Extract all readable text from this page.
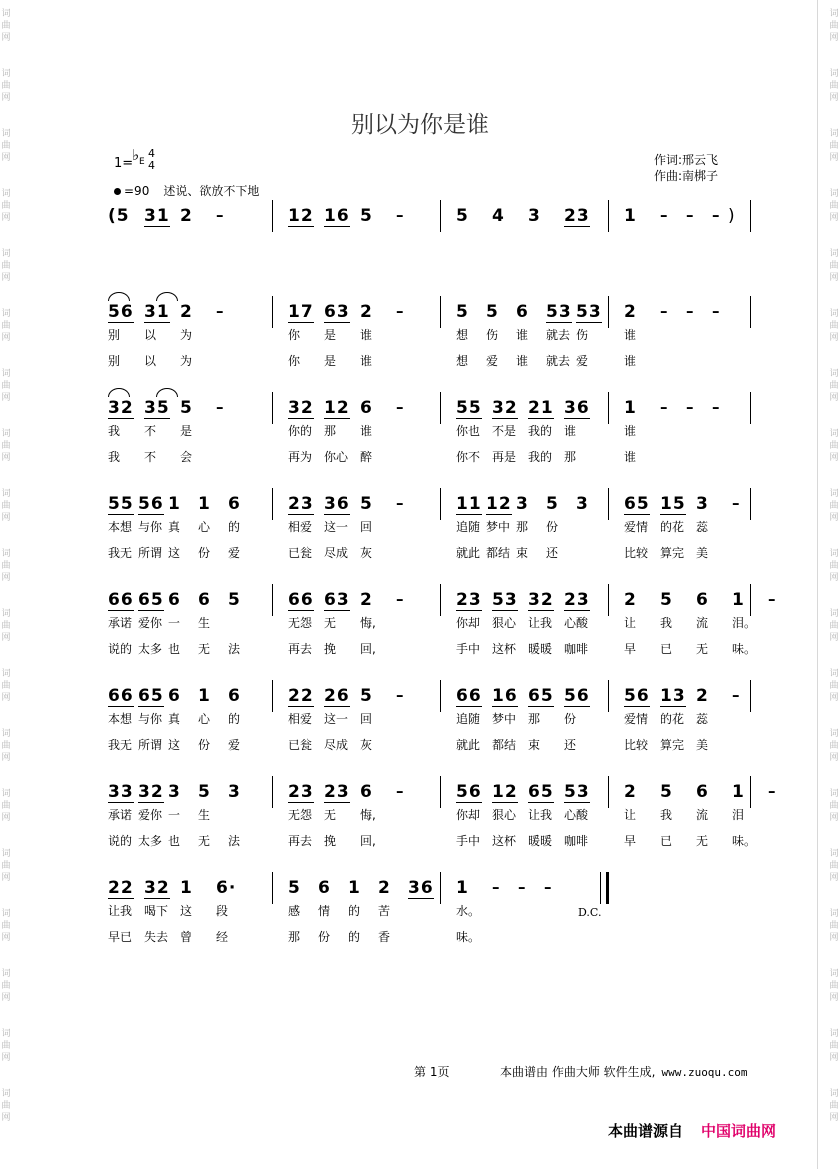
词
曲
网
词
曲
网
词
曲
网
词
曲
网
词
曲
网
词
曲
网
词
曲
网
词
曲
网
词
曲
网
词
曲
网
词
曲
网
词
曲
网
词
曲
网
词
曲
网
词
曲
网
词
曲
网
词
曲
网
词
曲
网
词
曲
网
词
曲
网
词
曲
网
词
曲
网
词
曲
网
词
曲
网
词
曲
网
词
曲
网
词
曲
网
词
曲
网
词
曲
网
词
曲
网
词
曲
网
词
曲
网
词
曲
网
词
曲
网
词
曲
网
词
曲
网
词
曲
网
词
曲
网
别以为你是谁
1=
♭ E
4
4
=90 述说、欲放不下地
作词:邢云飞
作曲:南梆子
(5 31 2 –	12 16 5 –	5 4 3 23 1 – – – )
56 31 2 –
别 以 为
别 以 为
17 63 2 –
你 是 谁
你 是 谁
5 5 6 53 53
想 伤 谁 就去 伤
想 爱 谁 就去 爱
2 – – –
谁
谁
32 35 5 –
我 不 是
我 不 会
32 12 6 –
你的 那 谁
再为 你心 醉
55 32 21 36
你也 不是 我的 谁
你不 再是 我的 那
1 – – –
谁
谁
55 56 1 1 6
本想 与你 真 心 的
我无 所谓 这 份 爱
23 36 5 –
相爱 这一 回
已瓮 尽成 灰
11 12 3 5 3
追随 梦中 那 份
就此 都结 束 还
65 15 3 –
爱情 的花 蕊
比较 算完 美
66 65 6 6 5
承诺 爱你 一 生
说的 太多 也 无 法
66 63 2 –
无怨 无 悔,
再去 挽 回,
23 53 32 23
你却 狠心 让我 心酸
手中 这杯 暖暖 咖啡
2 5 6 1 –
让 我 流 泪。
早 已 无 味。
66 65 6 1 6
本想 与你 真 心 的
我无 所谓 这 份 爱
22 26 5 –
相爱 这一 回
已瓮 尽成 灰
66 16 65 56
追随 梦中 那 份
就此 都结 束 还
56 13 2 –
爱情 的花 蕊
比较 算完 美
33 32 3 5 3
承诺 爱你 一 生
说的 太多 也 无 法
23 23 6 –
无怨 无 悔,
再去 挽 回,
56 12 65 53
你却 狠心 让我 心酸
手中 这杯 暖暖 咖啡
2 5 6 1 –
让 我 流 泪
早 已 无 味。
22 32 1 6·
让我 喝下 这 段
早已 失去 曾 经
5 6 1 2 36
感 情 的 苦
那 份 的 香
1 – – –
水。
味。
D.C.
第 1页	本曲谱由 作曲大师 软件生成, www.zuoqu.com
本曲谱源自 中国词曲网
